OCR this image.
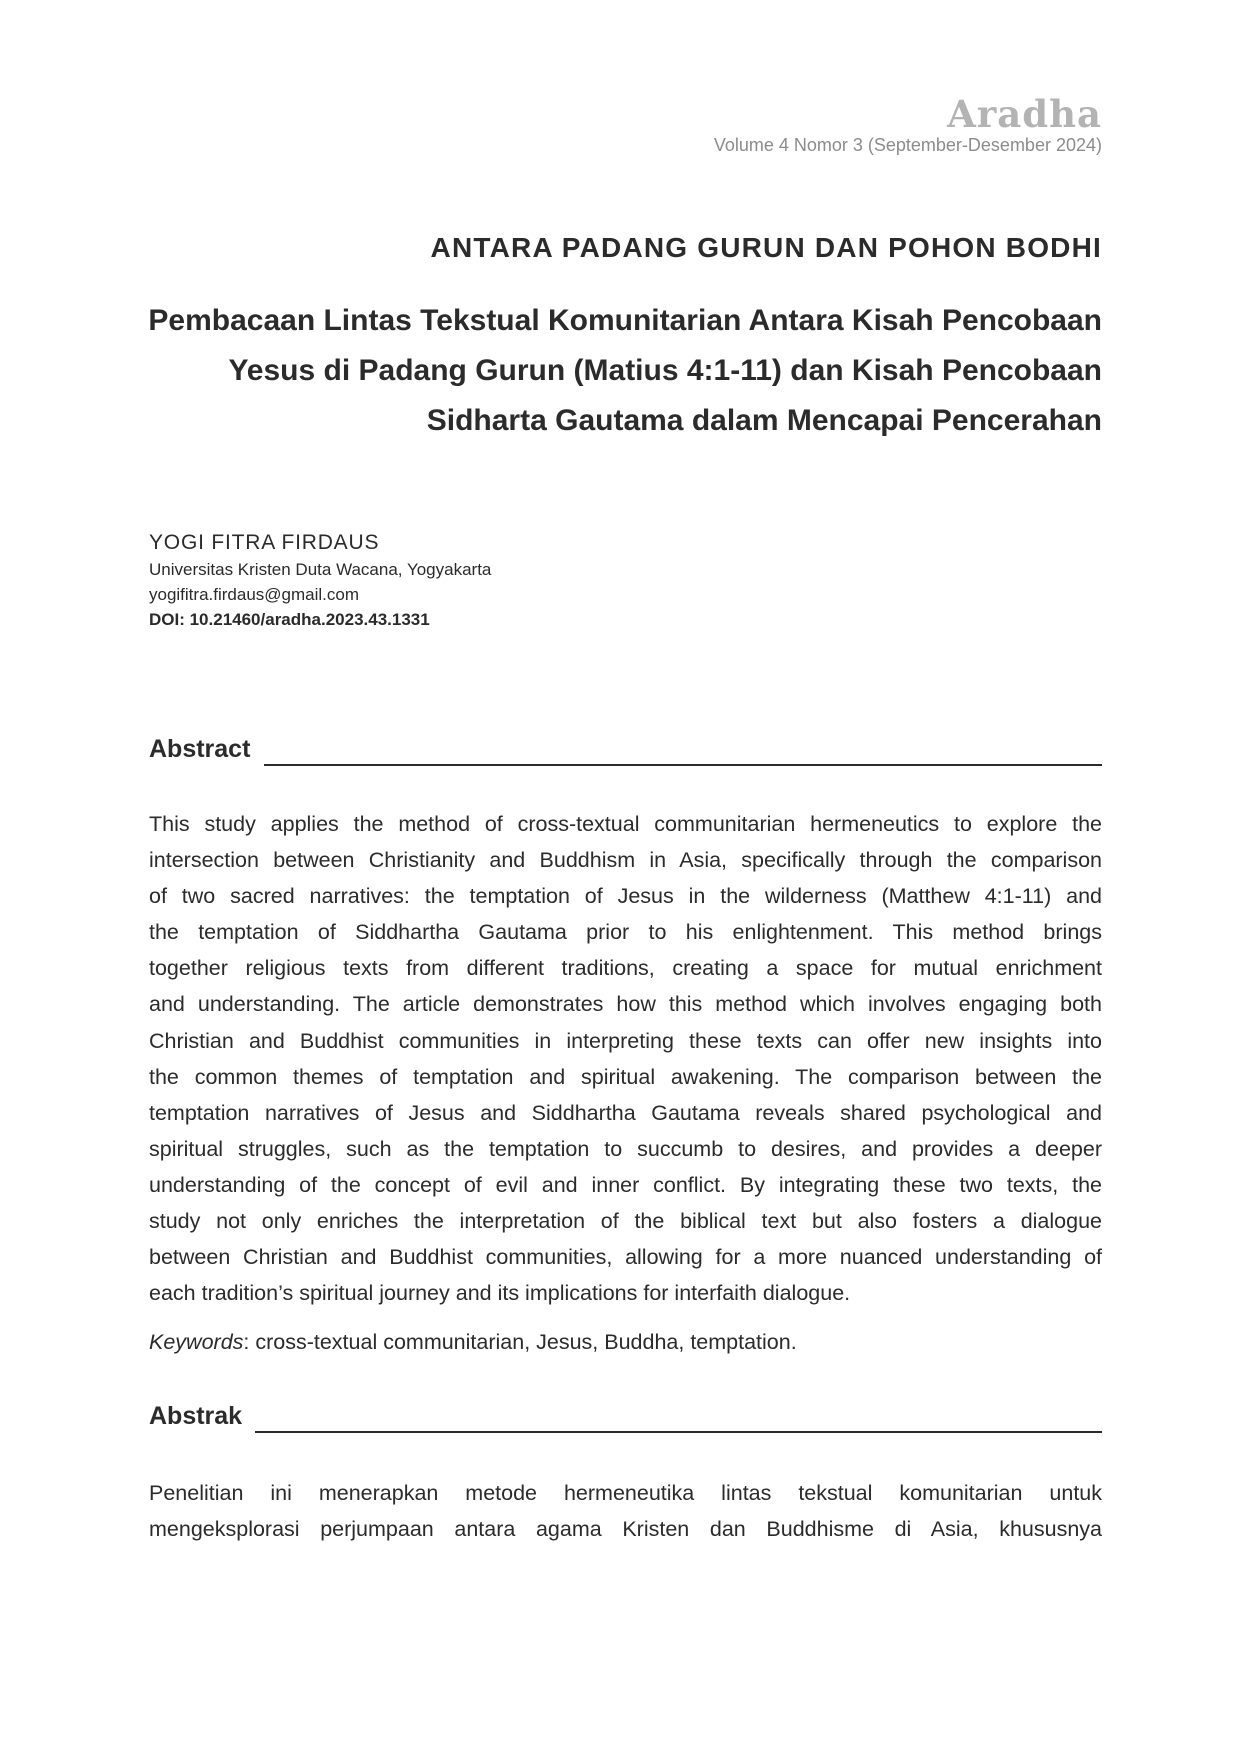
Aradha
Volume 4 Nomor 3 (September-Desember 2024)
ANTARA PADANG GURUN DAN POHON BODHI
Pembacaan Lintas Tekstual Komunitarian Antara Kisah Pencobaan
Yesus di Padang Gurun (Matius 4:1-11) dan Kisah Pencobaan
Sidharta Gautama dalam Mencapai Pencerahan
YOGI FITRA FIRDAUS
Universitas Kristen Duta Wacana, Yogyakarta
yogifitra.firdaus@gmail.com
DOI: 10.21460/aradha.2023.43.1331
Abstract
This study applies the method of cross-textual communitarian hermeneutics to explore the
intersection between Christianity and Buddhism in Asia, specifically through the comparison
of two sacred narratives: the temptation of Jesus in the wilderness (Matthew 4:1-11) and
the temptation of Siddhartha Gautama prior to his enlightenment. This method brings
together religious texts from different traditions, creating a space for mutual enrichment
and understanding. The article demonstrates how this method which involves engaging both
Christian and Buddhist communities in interpreting these texts can offer new insights into
the common themes of temptation and spiritual awakening. The comparison between the
temptation narratives of Jesus and Siddhartha Gautama reveals shared psychological and
spiritual struggles, such as the temptation to succumb to desires, and provides a deeper
understanding of the concept of evil and inner conflict. By integrating these two texts, the
study not only enriches the interpretation of the biblical text but also fosters a dialogue
between Christian and Buddhist communities, allowing for a more nuanced understanding of
each tradition’s spiritual journey and its implications for interfaith dialogue.
Keywords: cross-textual communitarian, Jesus, Buddha, temptation.
Abstrak
Penelitian ini menerapkan metode hermeneutika lintas tekstual komunitarian untuk
mengeksplorasi perjumpaan antara agama Kristen dan Buddhisme di Asia, khususnya
